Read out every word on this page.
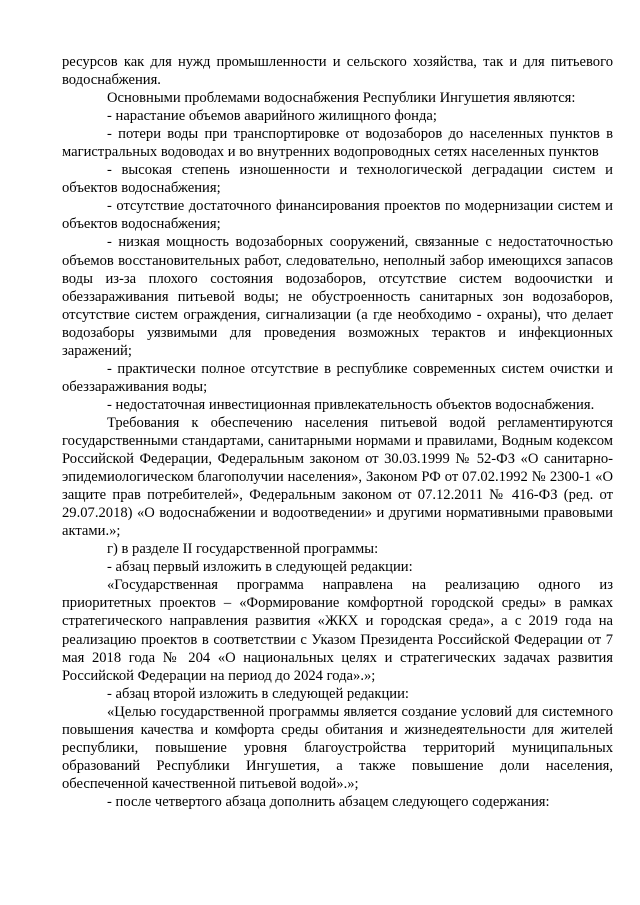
ресурсов как для нужд промышленности и сельского хозяйства, так и для питьевого водоснабжения.

Основными проблемами водоснабжения Республики Ингушетия являются:

- нарастание объемов аварийного жилищного фонда;

- потери воды при транспортировке от водозаборов до населенных пунктов в магистральных водоводах и во внутренних водопроводных сетях населенных пунктов

- высокая степень изношенности и технологической деградации систем и объектов водоснабжения;

- отсутствие достаточного финансирования проектов по модернизации систем и объектов водоснабжения;

- низкая мощность водозаборных сооружений, связанные с недостаточностью объемов восстановительных работ, следовательно, неполный забор имеющихся запасов воды из-за плохого состояния водозаборов, отсутствие систем водоочистки и обеззараживания питьевой воды; не обустроенность санитарных зон водозаборов, отсутствие систем ограждения, сигнализации (а где необходимо - охраны), что делает водозаборы уязвимыми для проведения возможных терактов и инфекционных заражений;

- практически полное отсутствие в республике современных систем очистки и обеззараживания воды;

- недостаточная инвестиционная привлекательность объектов водоснабжения.

Требования к обеспечению населения питьевой водой регламентируются государственными стандартами, санитарными нормами и правилами, Водным кодексом Российской Федерации, Федеральным законом от 30.03.1999 № 52-ФЗ «О санитарно-эпидемиологическом благополучии населения», Законом РФ от 07.02.1992 № 2300-1 «О защите прав потребителей», Федеральным законом от 07.12.2011 № 416-ФЗ (ред. от 29.07.2018) «О водоснабжении и водоотведении» и другими нормативными правовыми актами.»;

г) в разделе II государственной программы:

- абзац первый изложить в следующей редакции:

«Государственная программа направлена на реализацию одного из приоритетных проектов – «Формирование комфортной городской среды» в рамках стратегического направления развития «ЖКХ и городская среда», а с 2019 года на реализацию проектов в соответствии с Указом Президента Российской Федерации от 7 мая 2018 года № 204 «О национальных целях и стратегических задачах развития Российской Федерации на период до 2024 года».»;

- абзац второй изложить в следующей редакции:

«Целью государственной программы является создание условий для системного повышения качества и комфорта среды обитания и жизнедеятельности для жителей республики, повышение уровня благоустройства территорий муниципальных образований Республики Ингушетия, а также повышение доли населения, обеспеченной качественной питьевой водой».»;

- после четвертого абзаца дополнить абзацем следующего содержания:
